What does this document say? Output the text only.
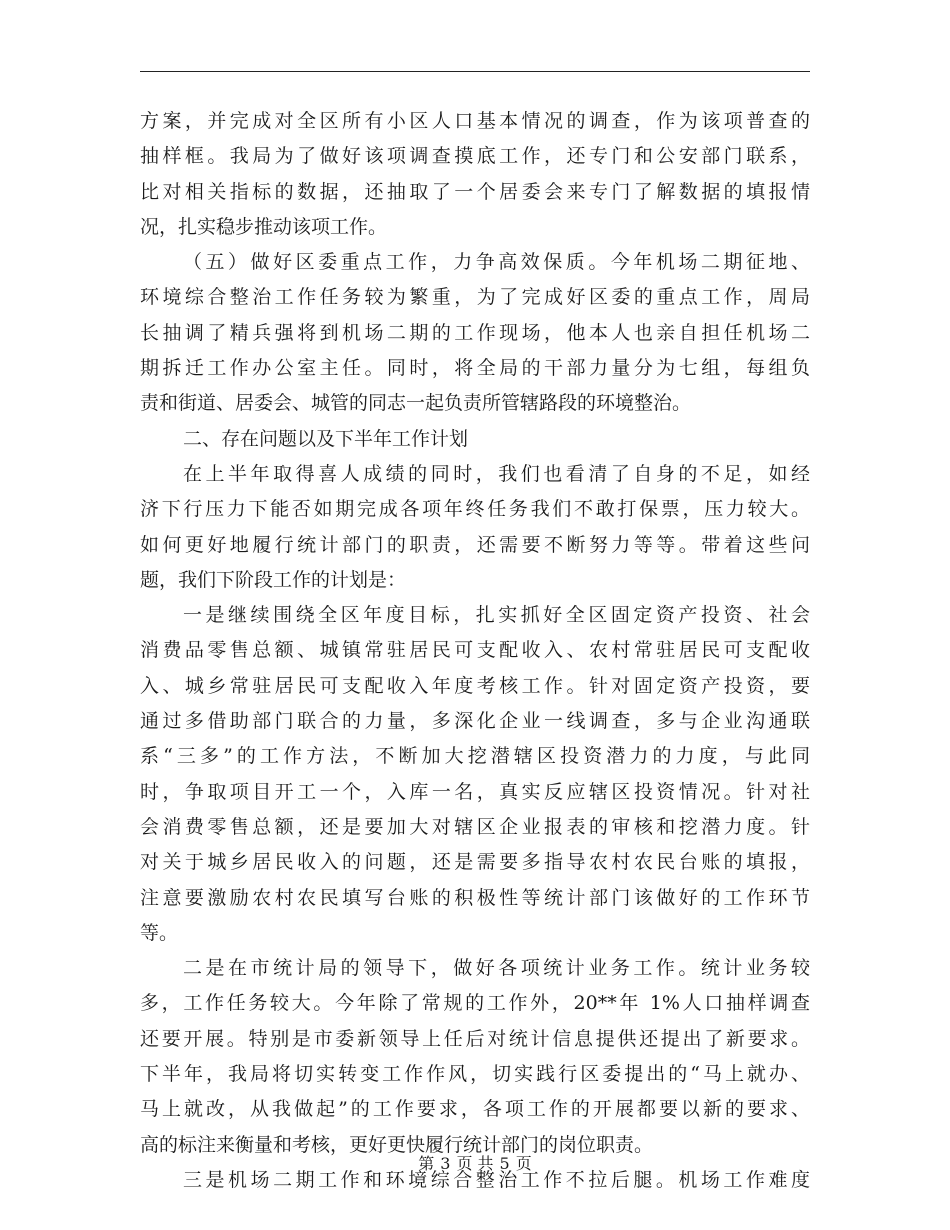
方案，并完成对全区所有小区人口基本情况的调查，作为该项普查的
抽样框。我局为了做好该项调查摸底工作，还专门和公安部门联系，
比对相关指标的数据，还抽取了一个居委会来专门了解数据的填报情
况，扎实稳步推动该项工作。
（五）做好区委重点工作，力争高效保质。今年机场二期征地、
环境综合整治工作任务较为繁重，为了完成好区委的重点工作，周局
长抽调了精兵强将到机场二期的工作现场，他本人也亲自担任机场二
期拆迁工作办公室主任。同时，将全局的干部力量分为七组，每组负
责和街道、居委会、城管的同志一起负责所管辖路段的环境整治。
二、存在问题以及下半年工作计划
在上半年取得喜人成绩的同时，我们也看清了自身的不足，如经
济下行压力下能否如期完成各项年终任务我们不敢打保票，压力较大。
如何更好地履行统计部门的职责，还需要不断努力等等。带着这些问
题，我们下阶段工作的计划是：
一是继续围绕全区年度目标，扎实抓好全区固定资产投资、社会
消费品零售总额、城镇常驻居民可支配收入、农村常驻居民可支配收
入、城乡常驻居民可支配收入年度考核工作。针对固定资产投资，要
通过多借助部门联合的力量，多深化企业一线调查，多与企业沟通联
系“三多”的工作方法，不断加大挖潜辖区投资潜力的力度，与此同
时，争取项目开工一个，入库一名，真实反应辖区投资情况。针对社
会消费零售总额，还是要加大对辖区企业报表的审核和挖潜力度。针
对关于城乡居民收入的问题，还是需要多指导农村农民台账的填报，
注意要激励农村农民填写台账的积极性等统计部门该做好的工作环节
等。
二是在市统计局的领导下，做好各项统计业务工作。统计业务较
多，工作任务较大。今年除了常规的工作外，20**年 1%人口抽样调查
还要开展。特别是市委新领导上任后对统计信息提供还提出了新要求。
下半年，我局将切实转变工作作风，切实践行区委提出的“马上就办、
马上就改，从我做起”的工作要求，各项工作的开展都要以新的要求、
高的标注来衡量和考核，更好更快履行统计部门的岗位职责。
三是机场二期工作和环境综合整治工作不拉后腿。机场工作难度
第 3 页 共 5 页
